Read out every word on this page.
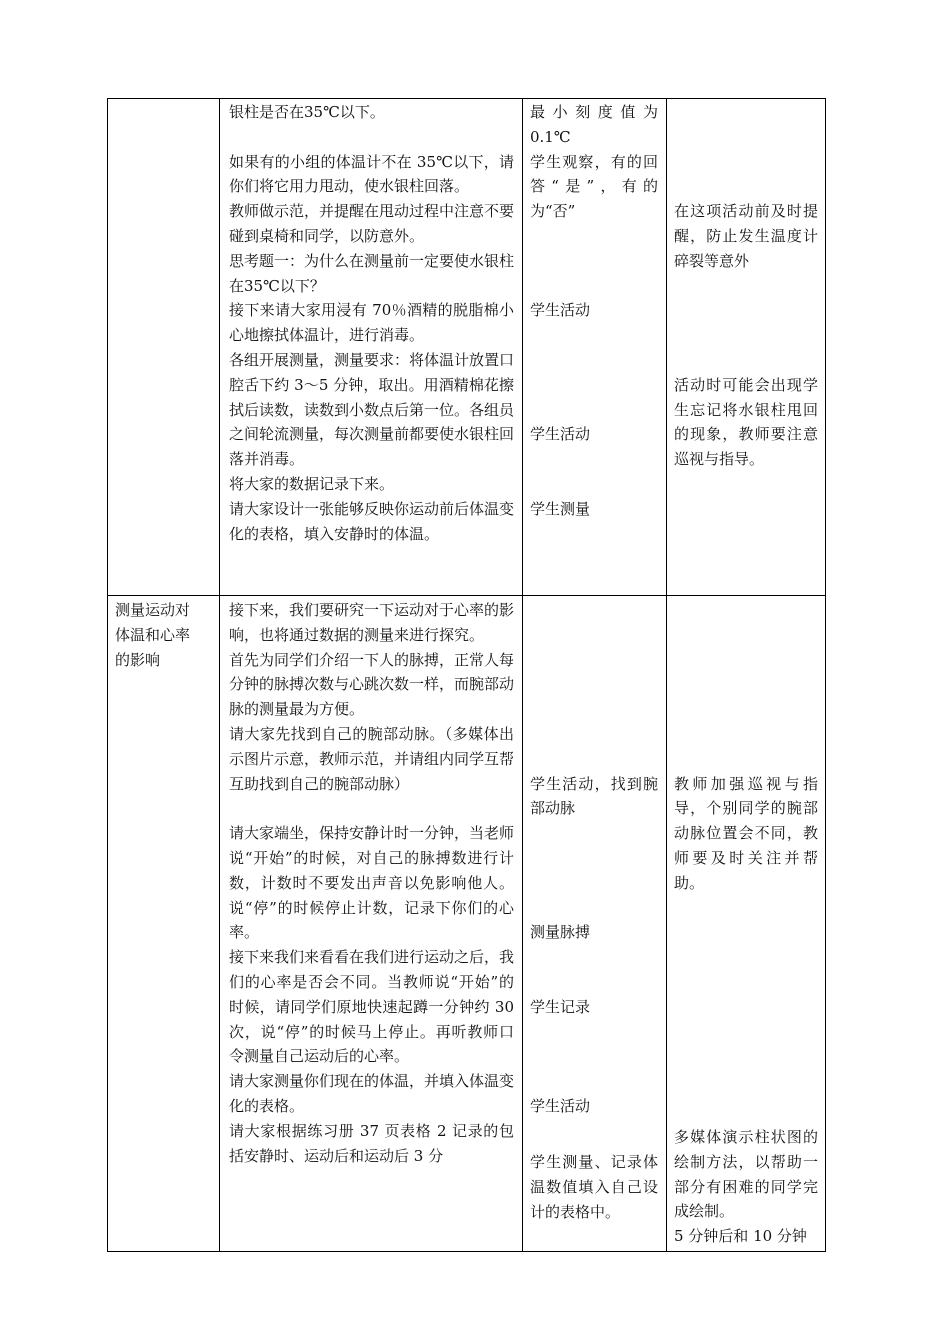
银柱是否在35℃以下。

如果有的小组的体温计不在 35℃以下，请你们将它用力甩动，使水银柱回落。

教师做示范，并提醒在甩动过程中注意不要碰到桌椅和同学，以防意外。

思考题一：为什么在测量前一定要使水银柱在35℃以下？

接下来请大家用浸有 70％酒精的脱脂棉小心地擦拭体温计，进行消毒。

各组开展测量，测量要求：将体温计放置口腔舌下约 3～5 分钟，取出。用酒精棉花擦拭后读数，读数到小数点后第一位。各组员之间轮流测量，每次测量前都要使水银柱回落并消毒。

将大家的数据记录下来。

请大家设计一张能够反映你运动前后体温变化的表格，填入安静时的体温。

最小刻度值为0.1℃

学生观察，有的回答“是”，有的为“否”

学生活动

学生活动

学生测量

在这项活动前及时提醒，防止发生温度计碎裂等意外

活动时可能会出现学生忘记将水银柱甩回的现象，教师要注意巡视与指导。

测量运动对

体温和心率

的影响

接下来，我们要研究一下运动对于心率的影响，也将通过数据的测量来进行探究。

首先为同学们介绍一下人的脉搏，正常人每分钟的脉搏次数与心跳次数一样，而腕部动脉的测量最为方便。

请大家先找到自己的腕部动脉。（多媒体出示图片示意，教师示范，并请组内同学互帮互助找到自己的腕部动脉）

请大家端坐，保持安静计时一分钟，当老师说“开始”的时候，对自己的脉搏数进行计数，计数时不要发出声音以免影响他人。说“停”的时候停止计数，记录下你们的心率。

接下来我们来看看在我们进行运动之后，我们的心率是否会不同。当教师说“开始”的时候，请同学们原地快速起蹲一分钟约 30 次，说“停”的时候马上停止。再听教师口令测量自己运动后的心率。

请大家测量你们现在的体温，并填入体温变化的表格。

请大家根据练习册 37 页表格 2 记录的包括安静时、运动后和运动后 3 分

学生活动，找到腕部动脉

测量脉搏

学生记录

学生活动

学生测量、记录体温数值填入自己设计的表格中。

教师加强巡视与指导，个别同学的腕部动脉位置会不同，教师要及时关注并帮助。

多媒体演示柱状图的绘制方法，以帮助一部分有困难的同学完成绘制。

5 分钟后和 10 分钟
